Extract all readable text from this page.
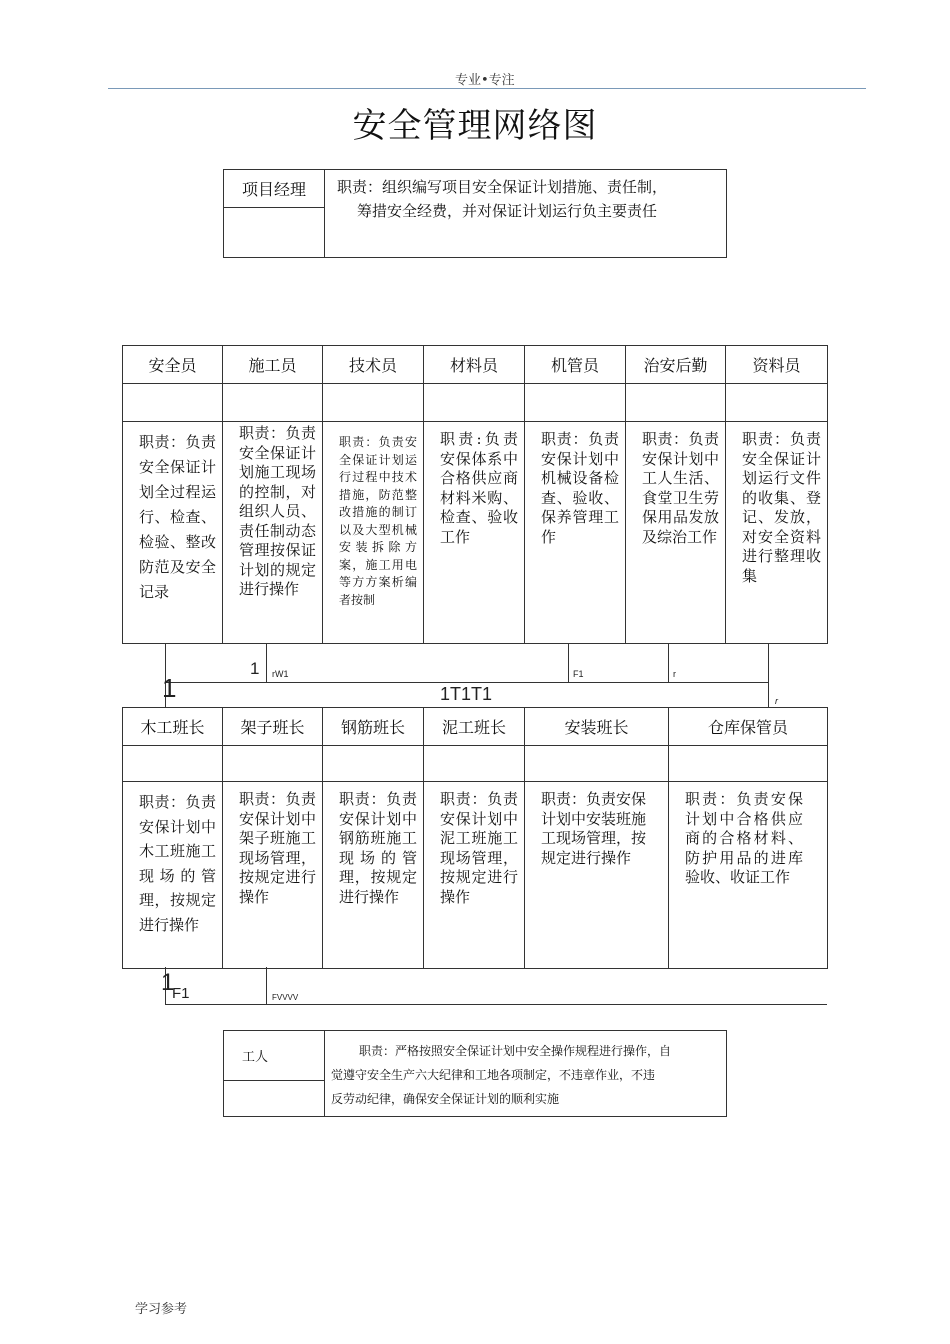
专业•专注
安全管理网络图
项目经理	职责：组织编写项目安全保证计划措施、责任制，
筹措安全经费，并对保证计划运行负主要责任

安全员	施工员	技术员	材料员	机管员	治安后勤	资料员

职责：负责安全保证计划全过程运行、检查、检验、整改防范及安全记录	职责：负责安全保证计划施工现场的控制，对组织人员、责任制动态管理按保证计划的规定进行操作	职责：负责安全保证计划运行过程中技术措施，防范整改措施的制订以及大型机械安装拆除方案，施工用电等方方案析编者按制	职责:负责安保体系中合格供应商材料米购、检查、验收工作	职责：负责安保计划中机械设备检查、验收、保养管理工作	职责：负责安保计划中工人生活、食堂卫生劳保用品发放及综治工作	职责：负责安全保证计划运行文件的收集、登记、发放，对安全资料进行整理收集
1 rW1
1	1T1T1
F1	r
r
木工班长	架子班长	钢筋班长	泥工班长	安装班长	仓库保管员

职责：负责安保计划中木工班施工现场的管理，按规定进行操作	职责：负责安保计划中架子班施工现场管理，按规定进行操作	职责：负责安保计划中钢筋班施工现场的管理，按规定进行操作	职责：负责安保计划中泥工班施工现场管理，按规定进行操作	职责：负责安保计划中安装班施工现场管理，按规定进行操作	职责：负责安保计划中合格供应商的合格材料、防护用品的进库验收、收证工作
1
F1	FVVVV
工人	职责：严格按照安全保证计划中安全操作规程进行操作，自
觉遵守安全生产六大纪律和工地各项制定，不违章作业，不违
反劳动纪律，确保安全保证计划的顺利实施

学习参考
